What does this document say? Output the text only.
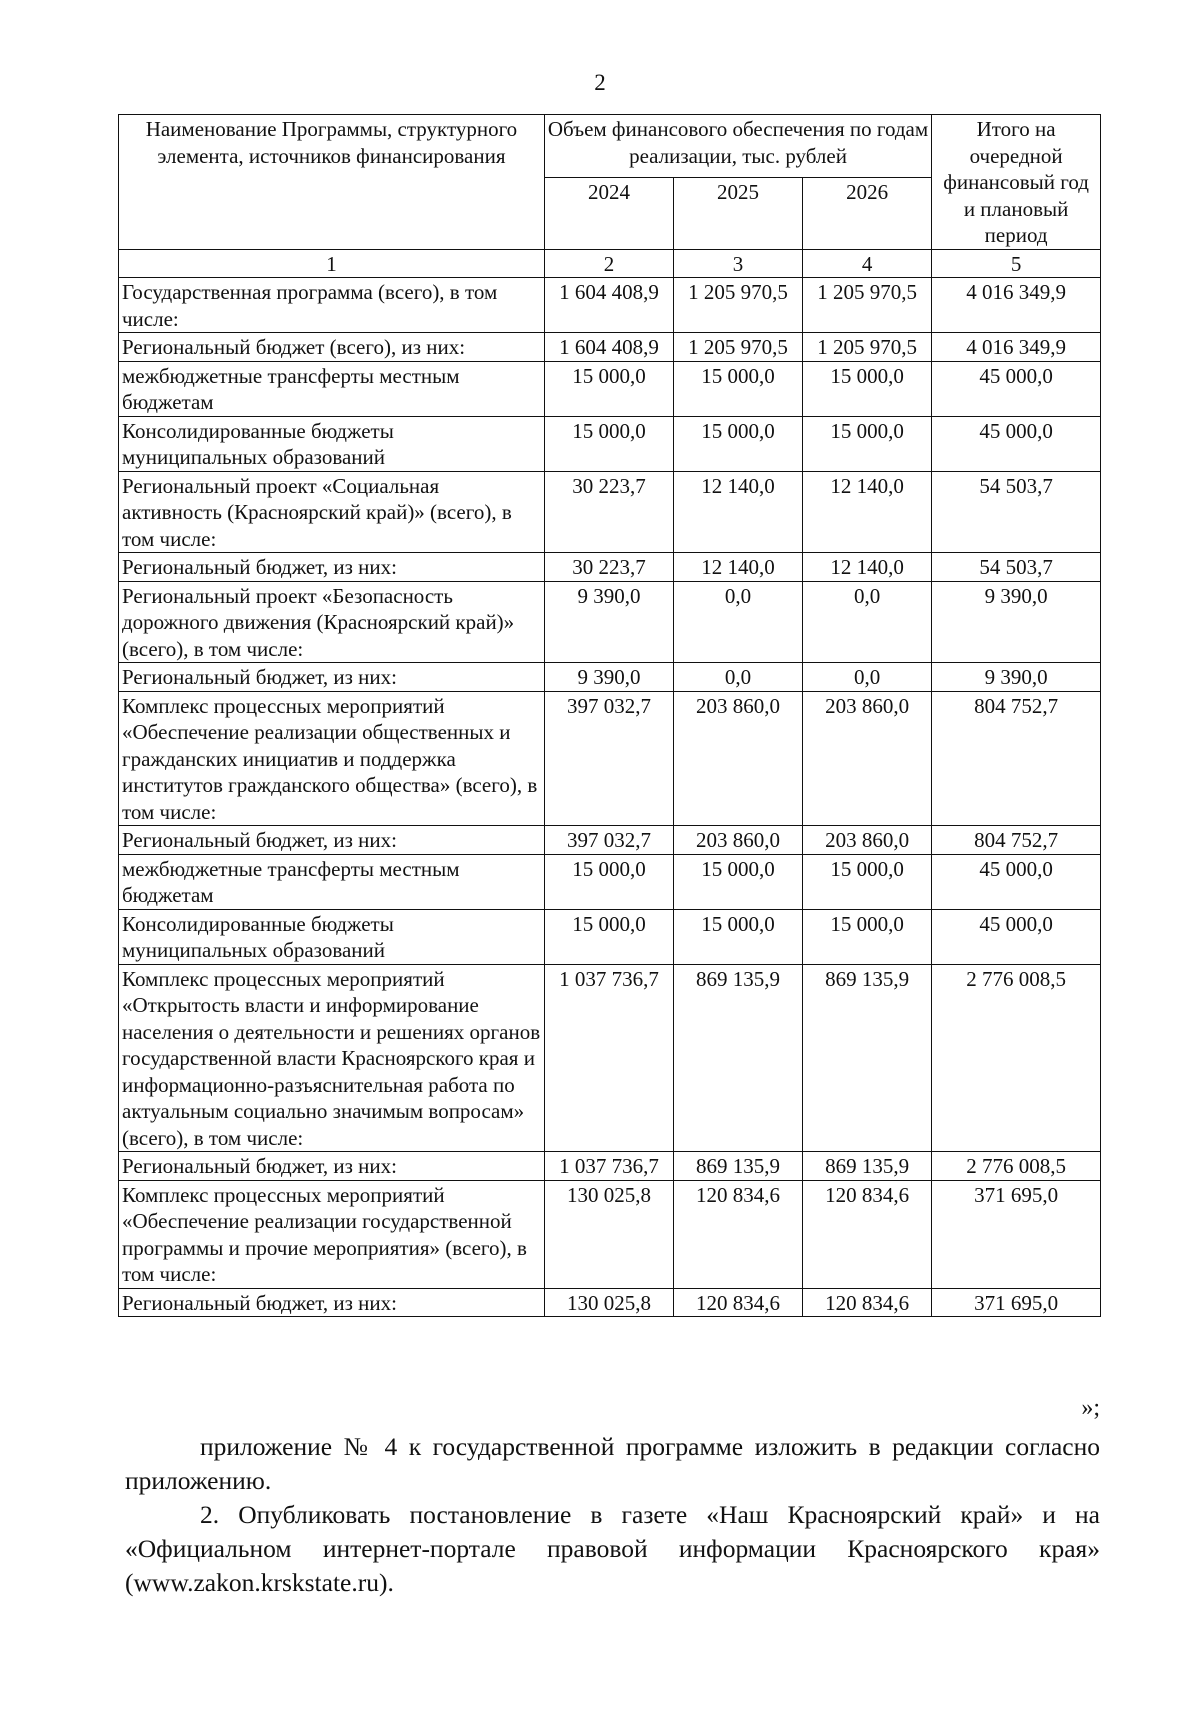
2
Наименование Программы, структурного элемента, источников финансирования	Объем финансового обеспечения по годам реализации, тыс. рублей			Итого на очередной финансовый год и плановый период
	2024	2025	2026	
1	2	3	4	5
Государственная программа (всего), в том числе:	1 604 408,9	1 205 970,5	1 205 970,5	4 016 349,9
Региональный бюджет (всего), из них:	1 604 408,9	1 205 970,5	1 205 970,5	4 016 349,9
межбюджетные трансферты местным бюджетам	15 000,0	15 000,0	15 000,0	45 000,0
Консолидированные бюджеты муниципальных образований	15 000,0	15 000,0	15 000,0	45 000,0
Региональный проект «Социальная активность (Красноярский край)» (всего), в том числе:	30 223,7	12 140,0	12 140,0	54 503,7
Региональный бюджет, из них:	30 223,7	12 140,0	12 140,0	54 503,7
Региональный проект «Безопасность дорожного движения (Красноярский край)» (всего), в том числе:	9 390,0	0,0	0,0	9 390,0
Региональный бюджет, из них:	9 390,0	0,0	0,0	9 390,0
Комплекс процессных мероприятий «Обеспечение реализации общественных и гражданских инициатив и поддержка институтов гражданского общества» (всего), в том числе:	397 032,7	203 860,0	203 860,0	804 752,7
Региональный бюджет, из них:	397 032,7	203 860,0	203 860,0	804 752,7
межбюджетные трансферты местным бюджетам	15 000,0	15 000,0	15 000,0	45 000,0
Консолидированные бюджеты муниципальных образований	15 000,0	15 000,0	15 000,0	45 000,0
Комплекс процессных мероприятий «Открытость власти и информирование населения о деятельности и решениях органов государственной власти Красноярского края и информационно-разъяснительная работа по актуальным социально значимым вопросам» (всего), в том числе:	1 037 736,7	869 135,9	869 135,9	2 776 008,5
Региональный бюджет, из них:	1 037 736,7	869 135,9	869 135,9	2 776 008,5
Комплекс процессных мероприятий «Обеспечение реализации государственной программы и прочие мероприятия» (всего), в том числе:	130 025,8	120 834,6	120 834,6	371 695,0
Региональный бюджет, из них:	130 025,8	120 834,6	120 834,6	371 695,0
»;
приложение № 4 к государственной программе изложить в редакции согласно приложению.
2. Опубликовать постановление в газете «Наш Красноярский край» и на «Официальном интернет-портале правовой информации Красноярского края» (www.zakon.krskstate.ru).
